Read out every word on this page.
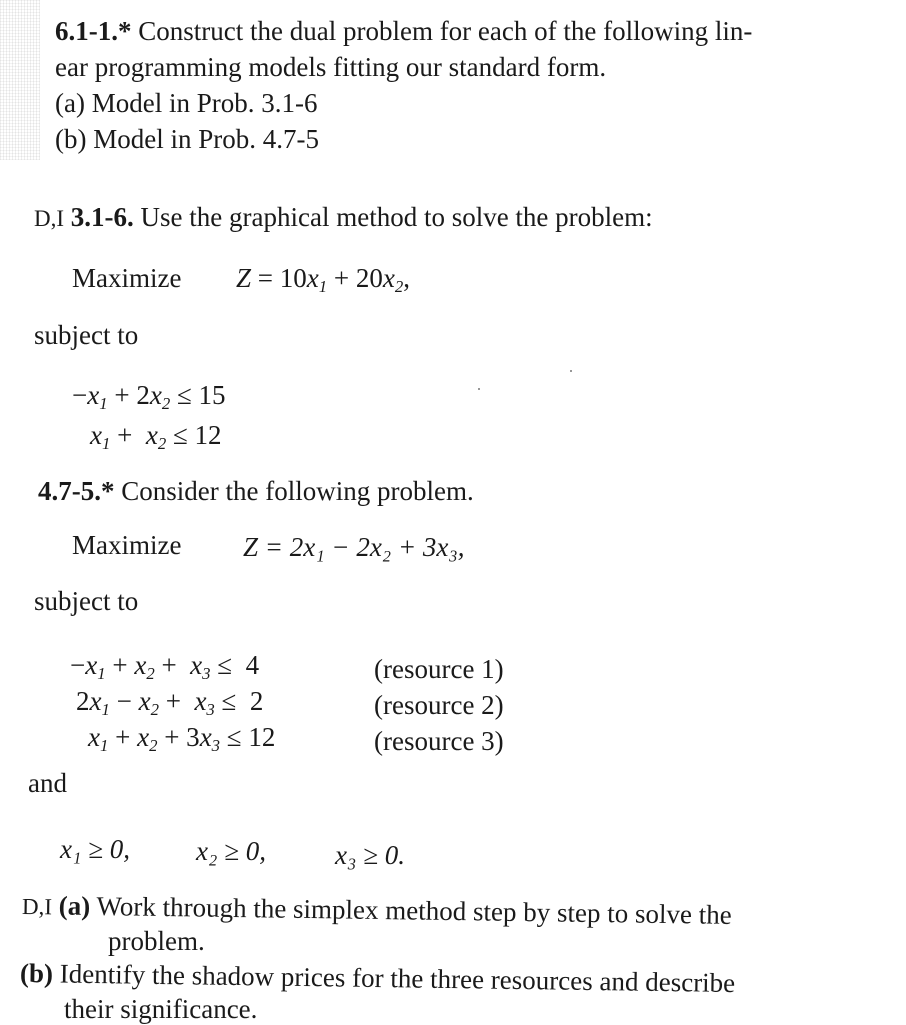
6.1-1.* Construct the dual problem for each of the following lin-
ear programming models fitting our standard form.
(a) Model in Prob. 3.1-6
(b) Model in Prob. 4.7-5
D,I 3.1-6. Use the graphical method to solve the problem:
Maximize $Z = 10x_1 + 20x_2$,
subject to
$-x_1 + 2x_2 \le 15$
$x_1 + x_2 \le 12$
4.7-5.* Consider the following problem.
Maximize Z = 2x₁ − 2x₂ + 3x₃,
subject to
$-x_1 + x_2 + x_3 \le 4$
$2x_1 - x_2 + x_3 \le 2$
$x_1 + x_2 + 3x_3 \le 12$
(resource 1)
(resource 2)
(resource 3)
and
x₁ ≥ 0, x₂ ≥ 0,	x₃ ≥ 0.
D,I (a) Work through the simplex method step by step to solve the
problem.
(b) Identify the shadow prices for the three resources and describe
their significance.
